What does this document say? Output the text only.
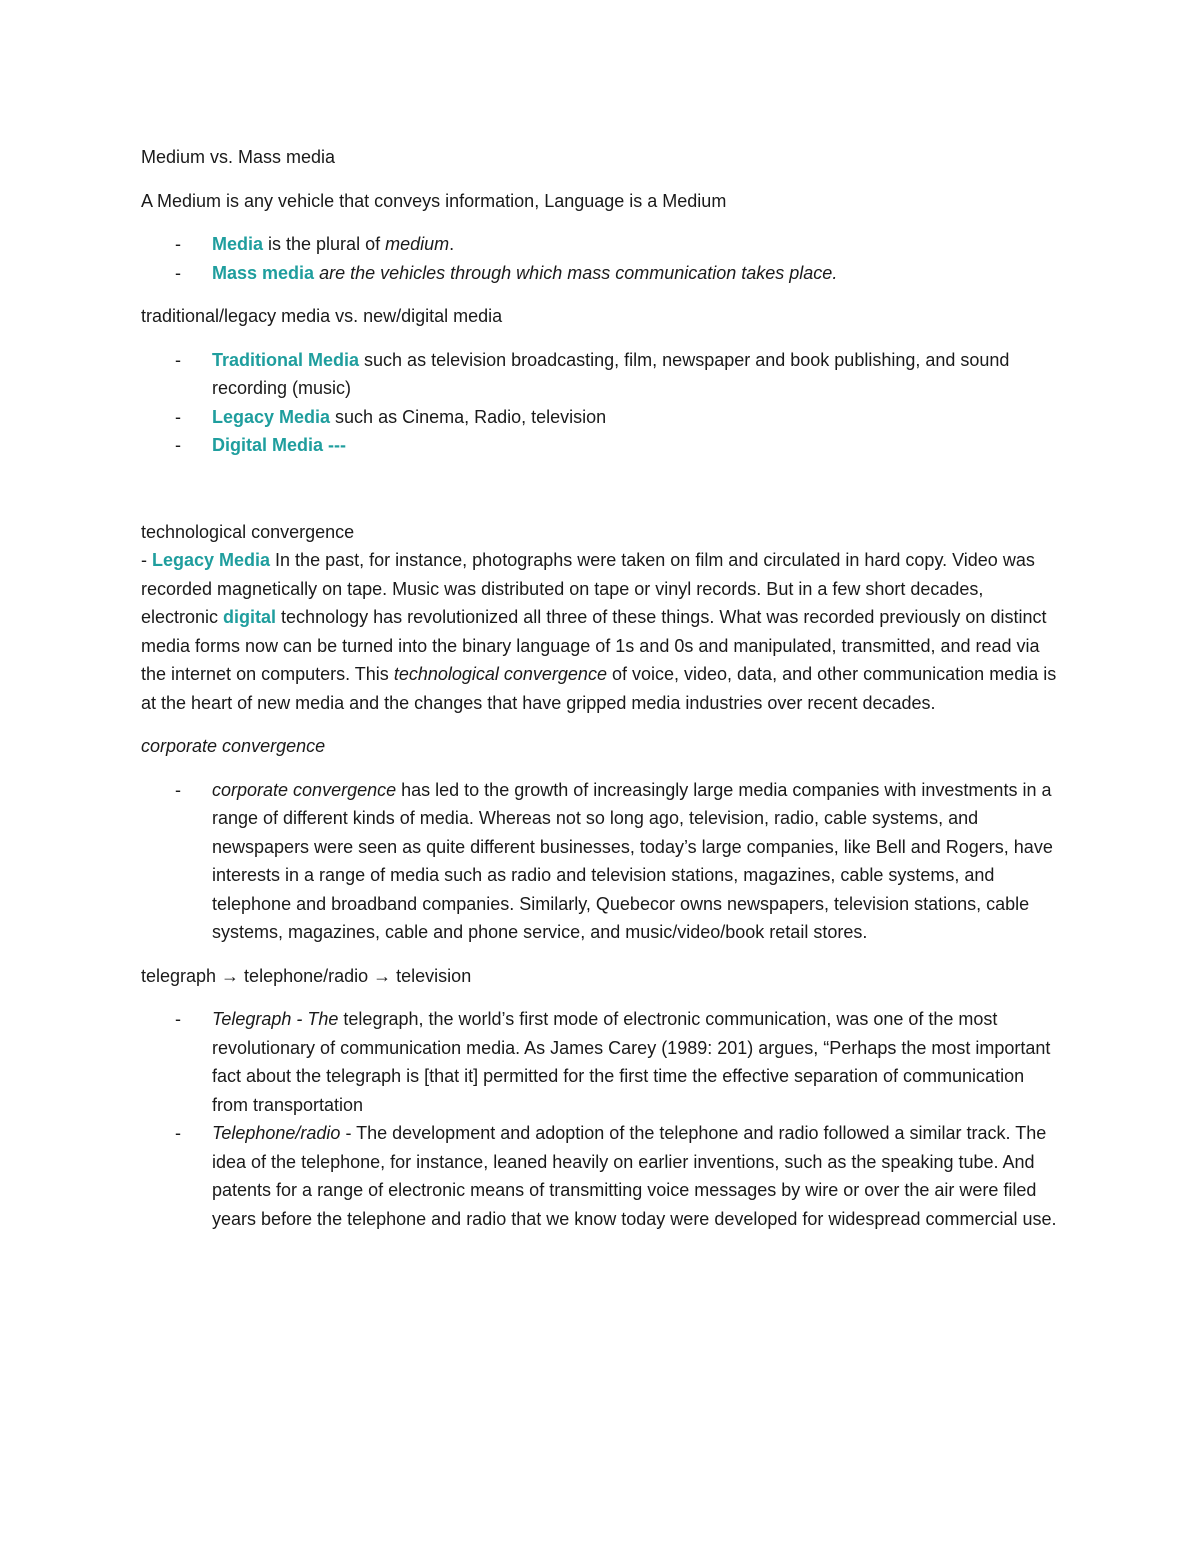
Medium vs. Mass media

A Medium is any vehicle that conveys information, Language is a Medium

-	Media is the plural of medium.
-	Mass media are the vehicles through which mass communication takes place.

traditional/legacy media vs. new/digital media

-	Traditional Media such as television broadcasting, film, newspaper and book publishing, and sound recording (music)
-	Legacy Media such as Cinema, Radio, television
-	Digital Media ---

technological convergence

- Legacy Media In the past, for instance, photographs were taken on film and circulated in hard copy. Video was recorded magnetically on tape. Music was distributed on tape or vinyl records. But in a few short decades, electronic digital technology has revolutionized all three of these things. What was recorded previously on distinct media forms now can be turned into the binary language of 1s and 0s and manipulated, transmitted, and read via the internet on computers. This technological convergence of voice, video, data, and other communication media is at the heart of new media and the changes that have gripped media industries over recent decades.

corporate convergence

-	corporate convergence has led to the growth of increasingly large media companies with investments in a range of different kinds of media. Whereas not so long ago, television, radio, cable systems, and newspapers were seen as quite different businesses, today’s large companies, like Bell and Rogers, have interests in a range of media such as radio and television stations, magazines, cable systems, and telephone and broadband companies. Similarly, Quebecor owns newspapers, television stations, cable systems, magazines, cable and phone service, and music/video/book retail stores.

telegraph → telephone/radio → television

-	Telegraph - The telegraph, the world’s first mode of electronic communication, was one of the most revolutionary of communication media. As James Carey (1989: 201) argues, “Perhaps the most important fact about the telegraph is [that it] permitted for the first time the effective separation of communication from transportation
-	Telephone/radio - The development and adoption of the telephone and radio followed a similar track. The idea of the telephone, for instance, leaned heavily on earlier inventions, such as the speaking tube. And patents for a range of electronic means of transmitting voice messages by wire or over the air were filed years before the telephone and radio that we know today were developed for widespread commercial use.
